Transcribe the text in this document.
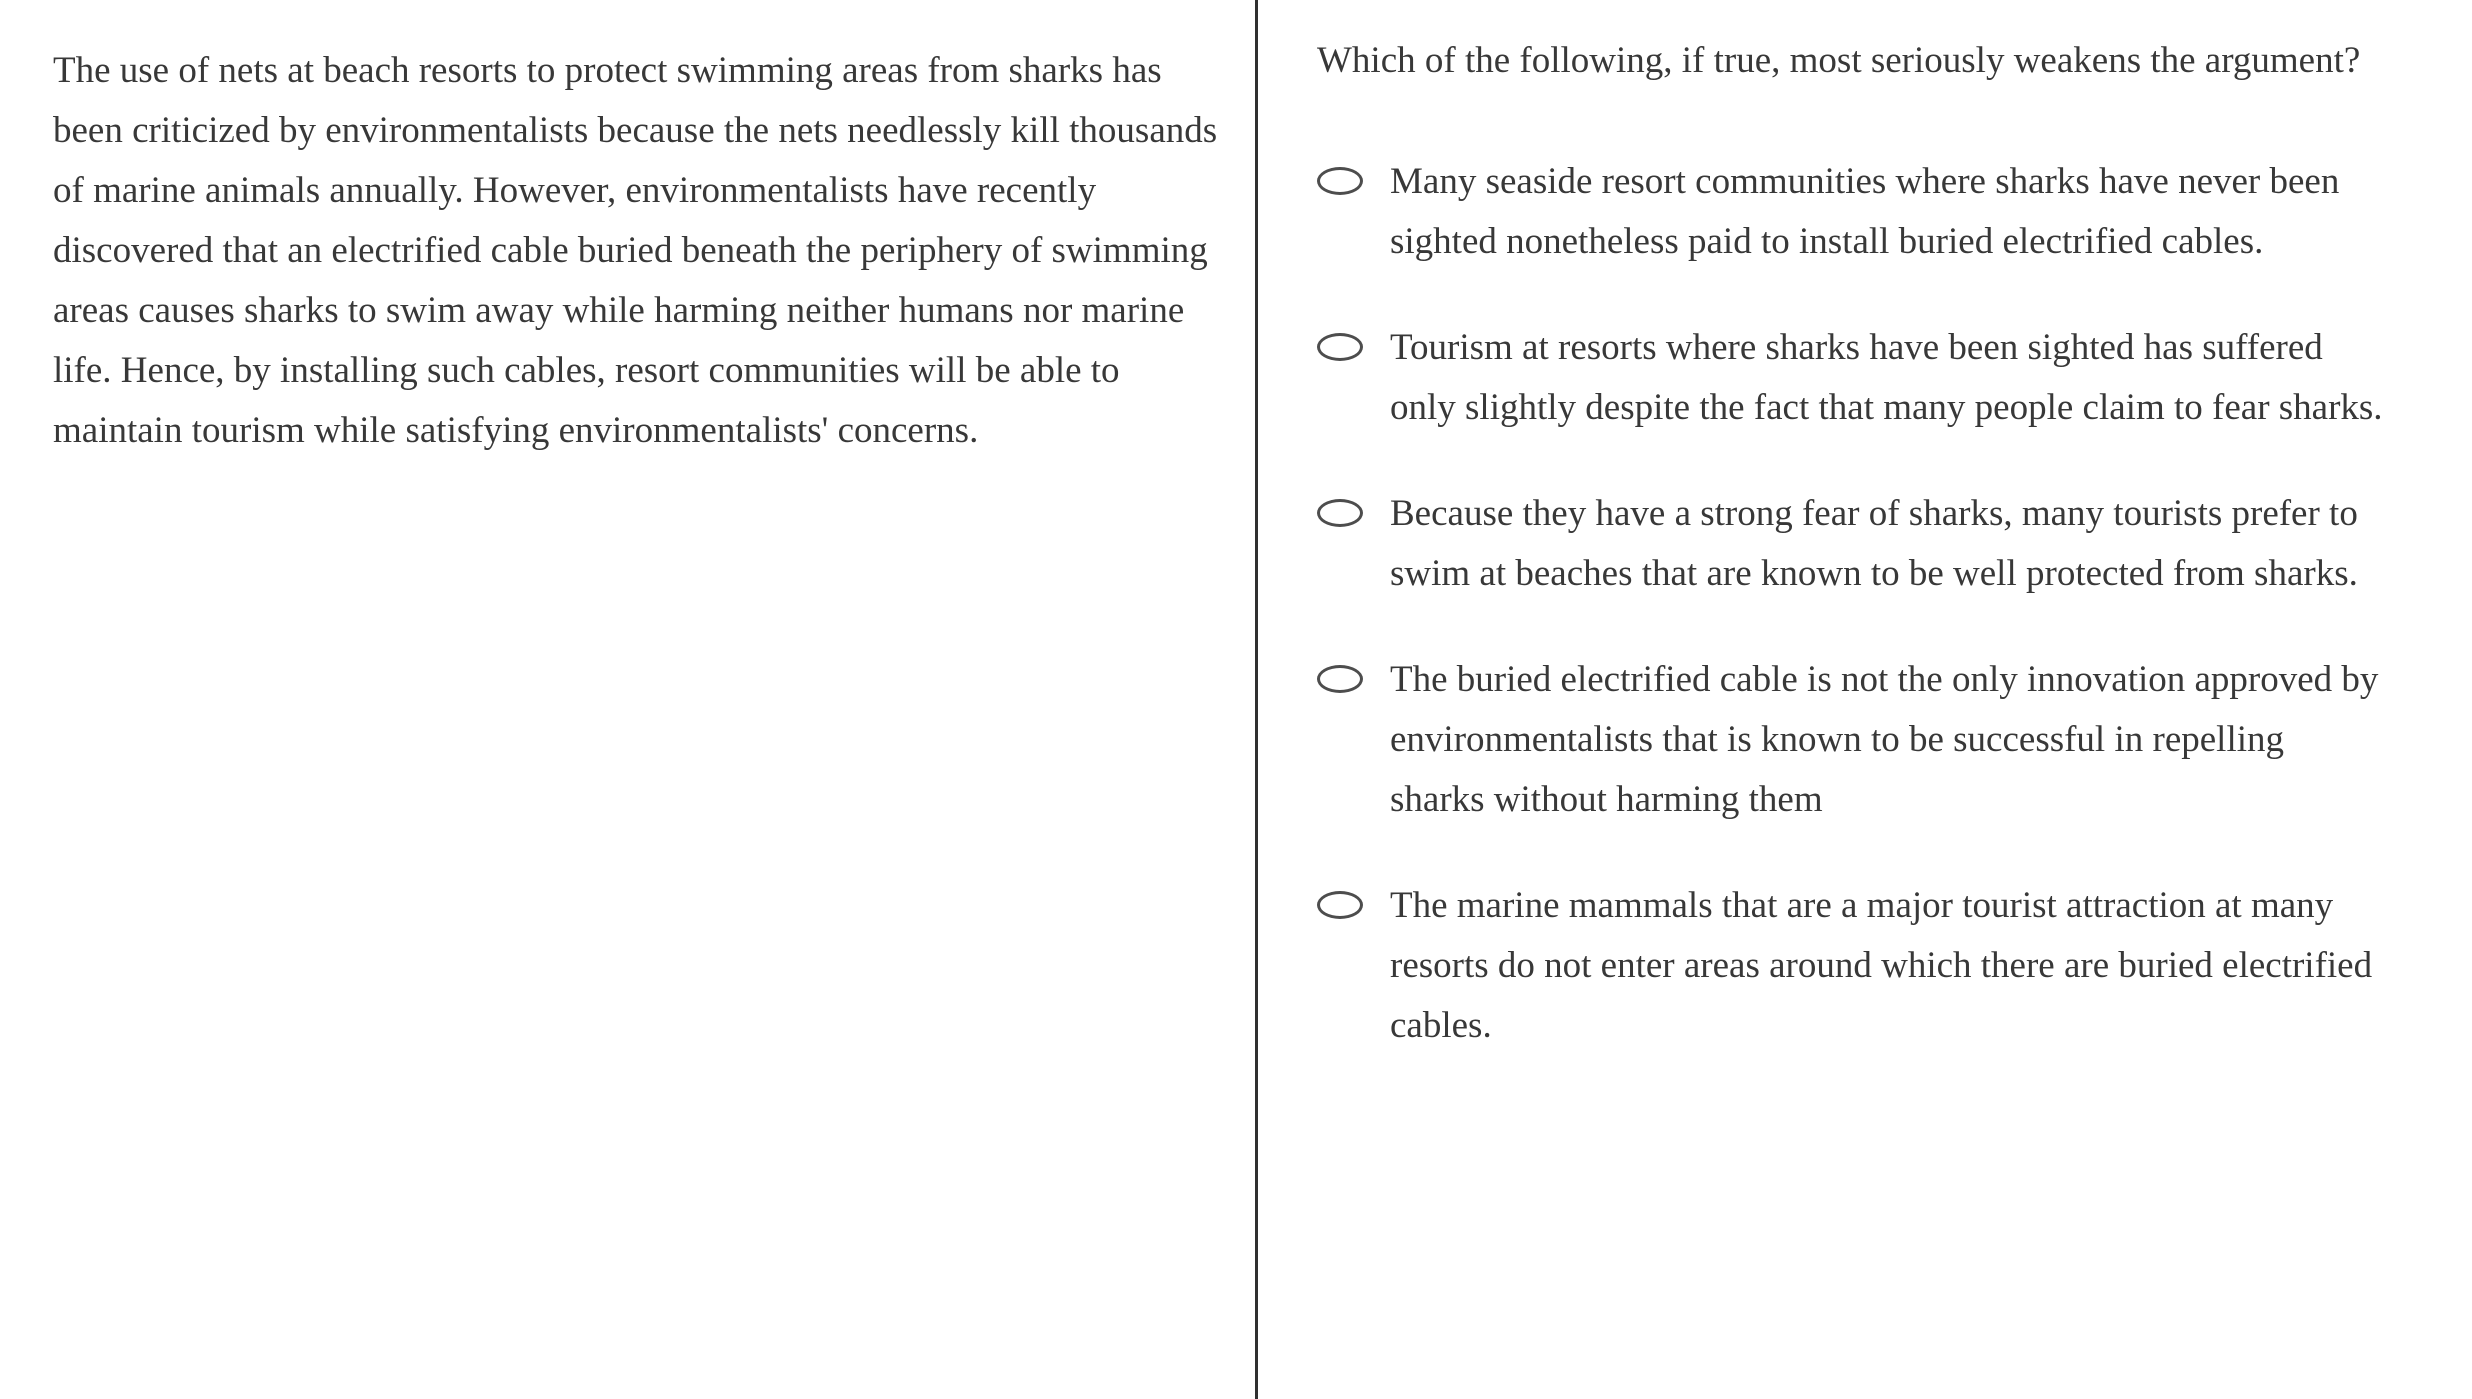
The use of nets at beach resorts to protect swimming areas from sharks has been criticized by environmentalists because the nets needlessly kill thousands of marine animals annually. However, environmentalists have recently discovered that an electrified cable buried beneath the periphery of swimming areas causes sharks to swim away while harming neither humans nor marine life. Hence, by installing such cables, resort communities will be able to maintain tourism while satisfying environmentalists' concerns.

Which of the following, if true, most seriously weakens the argument?

Many seaside resort communities where sharks have never been sighted nonetheless paid to install buried electrified cables.
Tourism at resorts where sharks have been sighted has suffered only slightly despite the fact that many people claim to fear sharks.
Because they have a strong fear of sharks, many tourists prefer to swim at beaches that are known to be well protected from sharks.
The buried electrified cable is not the only innovation approved by environmentalists that is known to be successful in repelling sharks without harming them
The marine mammals that are a major tourist attraction at many resorts do not enter areas around which there are buried electrified cables.
